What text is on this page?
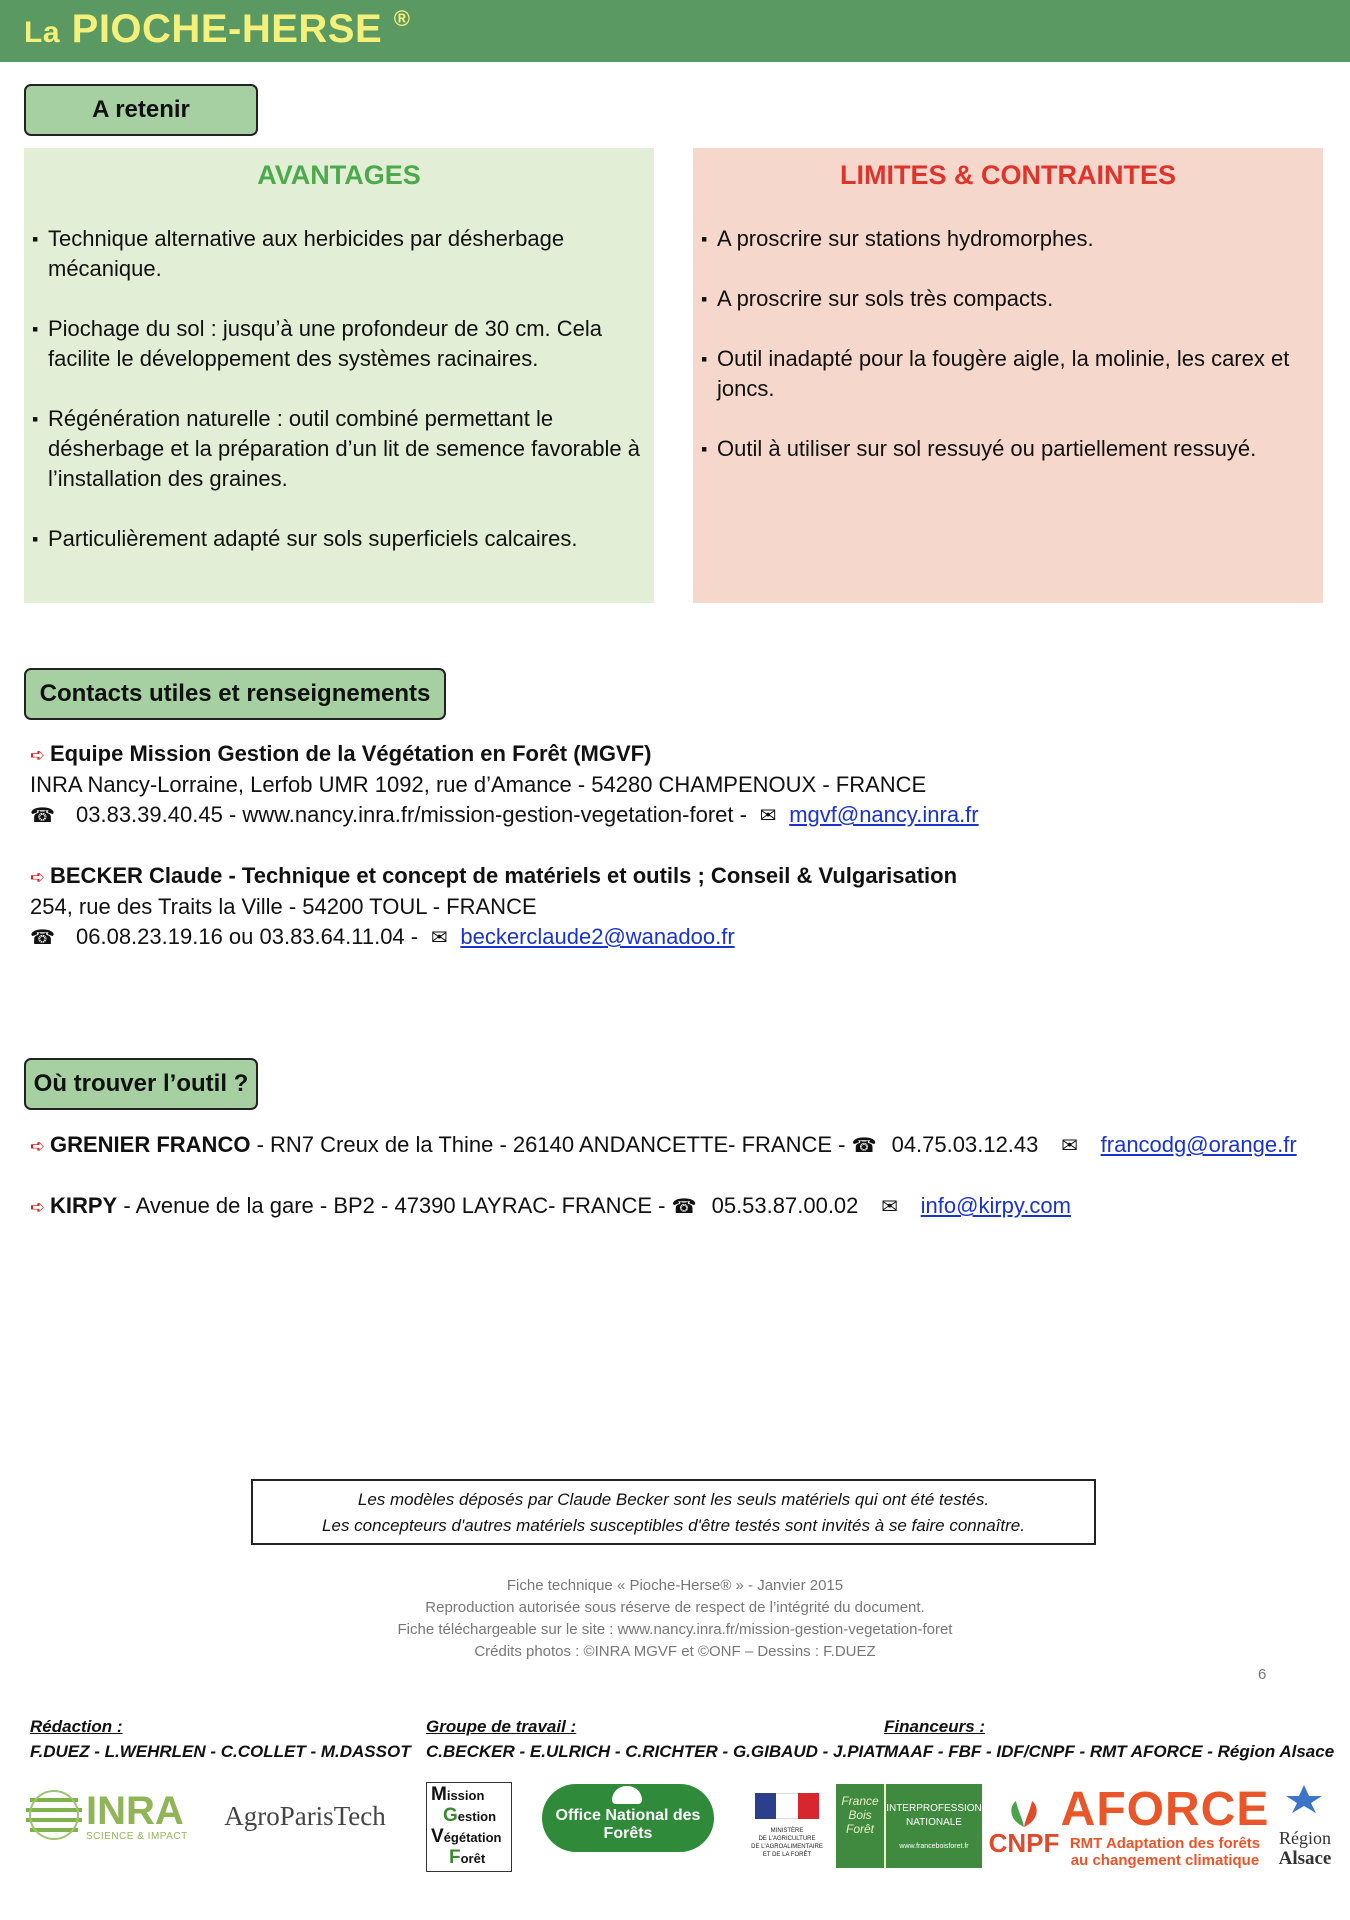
La PIOCHE-HERSE ®
A retenir
AVANTAGES
▪ Technique alternative aux herbicides par désherbage mécanique.
▪ Piochage du sol : jusqu’à une profondeur de 30 cm. Cela facilite le développement des systèmes racinaires.
▪ Régénération naturelle : outil combiné permettant le désherbage et la préparation d’un lit de semence favorable à l’installation des graines.
▪ Particulièrement adapté sur sols superficiels calcaires.
LIMITES & CONTRAINTES
▪ A proscrire sur stations hydromorphes.
▪ A proscrire sur sols très compacts.
▪ Outil inadapté pour la fougère aigle, la molinie, les carex et joncs.
▪ Outil à utiliser sur sol ressuyé ou partiellement ressuyé.
Contacts utiles et renseignements
➪ Equipe Mission Gestion de la Végétation en Forêt (MGVF)
INRA Nancy-Lorraine, Lerfob UMR 1092, rue d’Amance - 54280 CHAMPENOUX - FRANCE
☎ 03.83.39.40.45 - www.nancy.inra.fr/mission-gestion-vegetation-foret - ✉ mgvf@nancy.inra.fr
➪ BECKER Claude - Technique et concept de matériels et outils ; Conseil & Vulgarisation
254, rue des Traits la Ville - 54200 TOUL - FRANCE
☎ 06.08.23.19.16 ou 03.83.64.11.04 - ✉ beckerclaude2@wanadoo.fr
Où trouver l’outil ?
➪ GRENIER FRANCO - RN7 Creux de la Thine - 26140 ANDANCETTE- FRANCE - ☎ 04.75.03.12.43 ✉ francodg@orange.fr
➪ KIRPY - Avenue de la gare - BP2 - 47390 LAYRAC- FRANCE - ☎ 05.53.87.00.02 ✉ info@kirpy.com
Les modèles déposés par Claude Becker sont les seuls matériels qui ont été testés.
Les concepteurs d'autres matériels susceptibles d'être testés sont invités à se faire connaître.
Fiche technique « Pioche-Herse® » - Janvier 2015
Reproduction autorisée sous réserve de respect de l’intégrité du document.
Fiche téléchargeable sur le site : www.nancy.inra.fr/mission-gestion-vegetation-foret
Crédits photos : ©INRA MGVF et ©ONF – Dessins : F.DUEZ
6
Rédaction :
F.DUEZ - L.WEHRLEN - C.COLLET - M.DASSOT
Groupe de travail :
C.BECKER - E.ULRICH - C.RICHTER - G.GIBAUD - J.PIAT
Financeurs :
MAAF - FBF - IDF/CNPF - RMT AFORCE - Région Alsace
INRA
SCIENCE & IMPACT
AgroParisTech
Mission
Gestion
Végétation
Forêt
Office National des Forêts	MINISTÈRE
DE L'AGRICULTURE
DE L'AGROALIMENTAIRE
ET DE LA FORÊT
France Bois Forêt
INTERPROFESSION
NATIONALE
www.franceboisforet.fr CNPF
AFORCE
RMT Adaptation des forêts
au changement climatique
Région
Alsace
